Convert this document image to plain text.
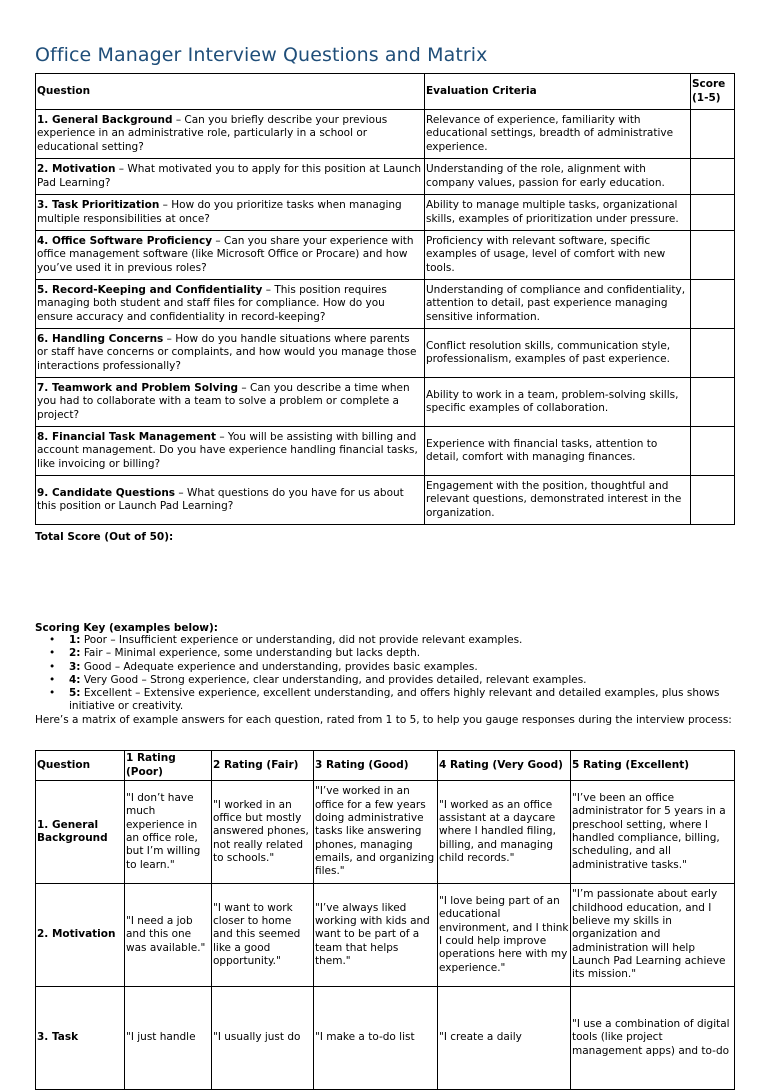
Office Manager Interview Questions and Matrix
Question	Evaluation Criteria	Score (1-5)
1. General Background – Can you briefly describe your previous experience in an administrative role, particularly in a school or educational setting?	Relevance of experience, familiarity with educational settings, breadth of administrative experience.	
2. Motivation – What motivated you to apply for this position at Launch Pad Learning?	Understanding of the role, alignment with company values, passion for early education.	
3. Task Prioritization – How do you prioritize tasks when managing multiple responsibilities at once?	Ability to manage multiple tasks, organizational skills, examples of prioritization under pressure.	
4. Office Software Proficiency – Can you share your experience with office management software (like Microsoft Office or Procare) and how you’ve used it in previous roles?	Proficiency with relevant software, specific examples of usage, level of comfort with new tools.	
5. Record-Keeping and Confidentiality – This position requires managing both student and staff files for compliance. How do you ensure accuracy and confidentiality in record-keeping?	Understanding of compliance and confidentiality, attention to detail, past experience managing sensitive information.	
6. Handling Concerns – How do you handle situations where parents or staff have concerns or complaints, and how would you manage those interactions professionally?	Conflict resolution skills, communication style, professionalism, examples of past experience.	
7. Teamwork and Problem Solving – Can you describe a time when you had to collaborate with a team to solve a problem or complete a project?	Ability to work in a team, problem-solving skills, specific examples of collaboration.	
8. Financial Task Management – You will be assisting with billing and account management. Do you have experience handling financial tasks, like invoicing or billing?	Experience with financial tasks, attention to detail, comfort with managing finances.	
9. Candidate Questions – What questions do you have for us about this position or Launch Pad Learning?	Engagement with the position, thoughtful and relevant questions, demonstrated interest in the organization.	
Total Score (Out of 50):
Scoring Key (examples below):
• 1: Poor – Insufficient experience or understanding, did not provide relevant examples.
• 2: Fair – Minimal experience, some understanding but lacks depth.
• 3: Good – Adequate experience and understanding, provides basic examples.
• 4: Very Good – Strong experience, clear understanding, and provides detailed, relevant examples.
• 5: Excellent – Extensive experience, excellent understanding, and offers highly relevant and detailed examples, plus shows initiative or creativity.
Here’s a matrix of example answers for each question, rated from 1 to 5, to help you gauge responses during the interview process:
Question	1 Rating (Poor)	2 Rating (Fair)	3 Rating (Good)	4 Rating (Very Good)	5 Rating (Excellent)
1. General Background	"I don’t have much experience in an office role, but I’m willing to learn."	"I worked in an office but mostly answered phones, not really related to schools."	"I’ve worked in an office for a few years doing administrative tasks like answering phones, managing emails, and organizing files."	"I worked as an office assistant at a daycare where I handled filing, billing, and managing child records."	"I’ve been an office administrator for 5 years in a preschool setting, where I handled compliance, billing, scheduling, and all administrative tasks."
2. Motivation	"I need a job and this one was available."	"I want to work closer to home and this seemed like a good opportunity."	"I’ve always liked working with kids and want to be part of a team that helps them."	"I love being part of an educational environment, and I think I could help improve operations here with my experience."	"I’m passionate about early childhood education, and I believe my skills in organization and administration will help Launch Pad Learning achieve its mission."
3. Task	"I just handle	"I usually just do	"I make a to-do list	"I create a daily	"I use a combination of digital tools (like project management apps) and to-do
